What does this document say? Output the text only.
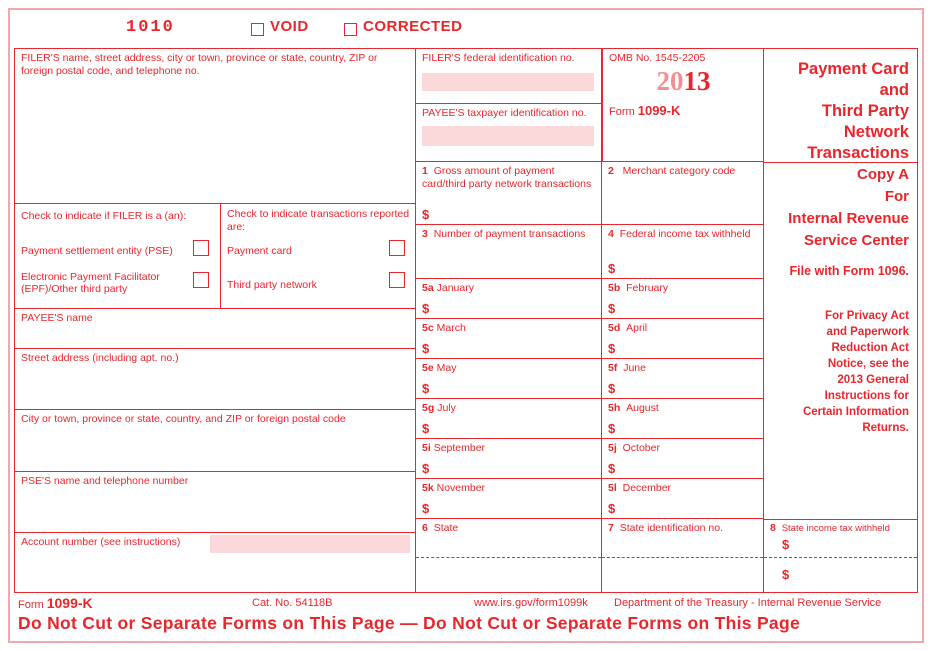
1010	VOID	CORRECTED
FILER'S name, street address, city or town, province or state, country, ZIP or foreign postal code, and telephone no.
Check to indicate if FILER is a (an):
Payment settlement entity (PSE)
Electronic Payment Facilitator
(EPF)/Other third party
Check to indicate transactions reported are:
Payment card
Third party network
PAYEE'S name
Street address (including apt. no.)
City or town, province or state, country, and ZIP or foreign postal code
PSE'S name and telephone number
Account number (see instructions)
FILER'S federal identification no.
PAYEE'S taxpayer identification no.
OMB No. 1545-2205
2013
Form 1099-K
1 Gross amount of payment card/third party network transactions
$
2 Merchant category code
3 Number of payment transactions	4 Federal income tax withheld
$
5a January
$
5b February
$
5c March
$
5d April
$
5e May
$
5f June
$
5g July
$
5h August
$
5i September
$
5j October
$
5k November
$
5l December
$
6 State	7 State identification no.
Payment Card and
Third Party
Network
Transactions
Copy A
For
Internal Revenue
Service Center
File with Form 1096.
For Privacy Act
and Paperwork
Reduction Act
Notice, see the
2013 General
Instructions for
Certain Information
Returns.
8 State income tax withheld
$
$
Form 1099-K	Cat. No. 54118B	www.irs.gov/form1099k Department of the Treasury - Internal Revenue Service
Do Not Cut or Separate Forms on This Page — Do Not Cut or Separate Forms on This Page
